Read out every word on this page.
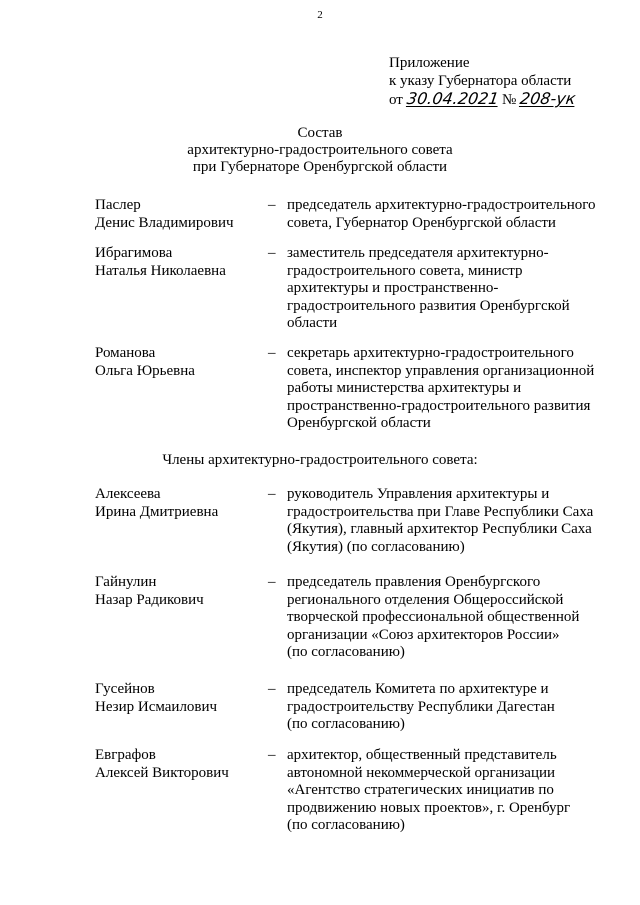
2
Приложение
к указу Губернатора области
от 30.04.2021 № 208-ук
Состав
архитектурно-градостроительного совета
при Губернаторе Оренбургской области
Паслер
Денис Владимирович
– председатель архитектурно-градостроительного
совета, Губернатор Оренбургской области
Ибрагимова
Наталья Николаевна
– заместитель председателя архитектурно-
градостроительного совета, министр
архитектуры и пространственно-
градостроительного развития Оренбургской
области
Романова
Ольга Юрьевна
– секретарь архитектурно-градостроительного
совета, инспектор управления организационной
работы министерства архитектуры и
пространственно-градостроительного развития
Оренбургской области
Члены архитектурно-градостроительного совета:
Алексеева
Ирина Дмитриевна
– руководитель Управления архитектуры и
градостроительства при Главе Республики Саха
(Якутия), главный архитектор Республики Саха
(Якутия) (по согласованию)
Гайнулин
Назар Радикович
– председатель правления Оренбургского
регионального отделения Общероссийской
творческой профессиональной общественной
организации «Союз архитекторов России»
(по согласованию)
Гусейнов
Незир Исмаилович
– председатель Комитета по архитектуре и
градостроительству Республики Дагестан
(по согласованию)
Евграфов
Алексей Викторович
– архитектор, общественный представитель
автономной некоммерческой организации
«Агентство стратегических инициатив по
продвижению новых проектов», г. Оренбург
(по согласованию)
